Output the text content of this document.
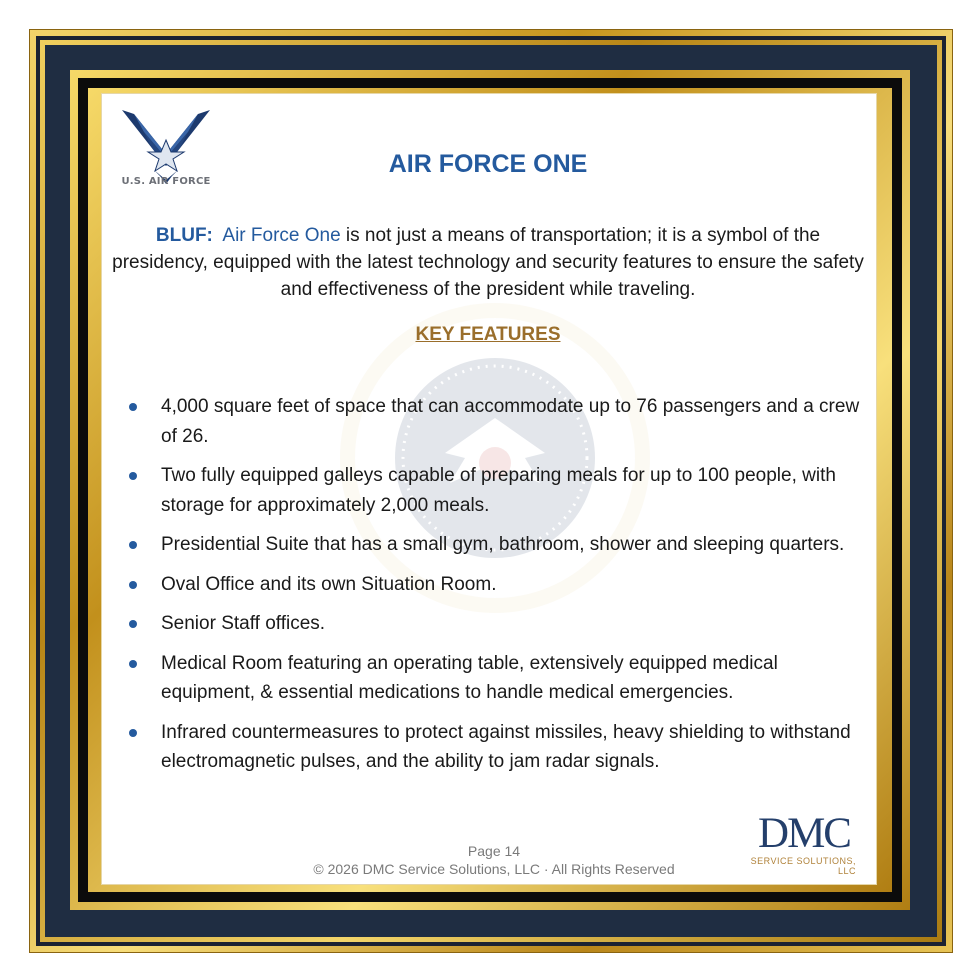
U.S. AIR FORCE
AIR FORCE ONE
BLUF: Air Force One is not just a means of transportation; it is a symbol of the presidency, equipped with the latest technology and security features to ensure the safety and effectiveness of the president while traveling.
KEY FEATURES
4,000 square feet of space that can accommodate up to 76 passengers and a crew of 26.
Two fully equipped galleys capable of preparing meals for up to 100 people, with storage for approximately 2,000 meals.
Presidential Suite that has a small gym, bathroom, shower and sleeping quarters.
Oval Office and its own Situation Room.
Senior Staff offices.
Medical Room featuring an operating table, extensively equipped medical equipment, & essential medications to handle medical emergencies.
Infrared countermeasures to protect against missiles, heavy shielding to withstand electromagnetic pulses, and the ability to jam radar signals.
Page 14
© 2026 DMC Service Solutions, LLC · All Rights Reserved
DMC
SERVICE SOLUTIONS,
LLC
